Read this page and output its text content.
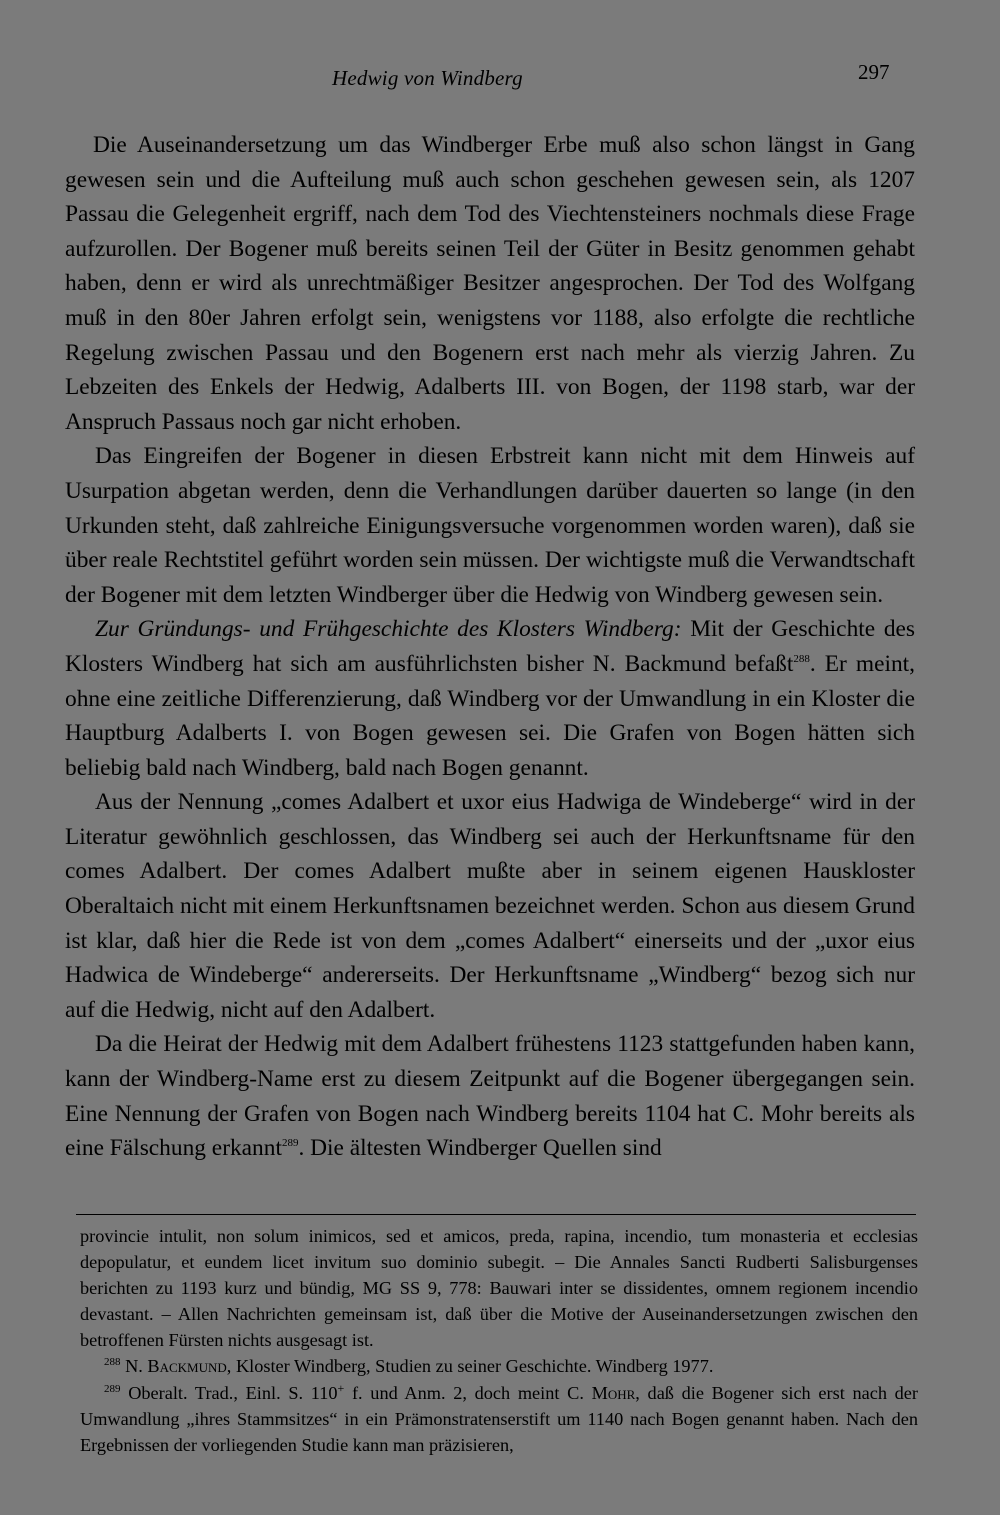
Hedwig von Windberg	297

Die Auseinandersetzung um das Windberger Erbe muß also schon längst in Gang gewesen sein und die Aufteilung muß auch schon geschehen gewesen sein, als 1207 Passau die Gelegenheit ergriff, nach dem Tod des Viechtensteiners nochmals diese Frage aufzurollen. Der Bogener muß bereits seinen Teil der Güter in Besitz genommen gehabt haben, denn er wird als unrechtmäßiger Besitzer angesprochen. Der Tod des Wolfgang muß in den 80er Jahren erfolgt sein, wenigstens vor 1188, also erfolgte die rechtliche Regelung zwischen Passau und den Bogenern erst nach mehr als vierzig Jahren. Zu Lebzeiten des Enkels der Hedwig, Adalberts III. von Bogen, der 1198 starb, war der Anspruch Passaus noch gar nicht erhoben.

Das Eingreifen der Bogener in diesen Erbstreit kann nicht mit dem Hinweis auf Usurpation abgetan werden, denn die Verhandlungen darüber dauerten so lange (in den Urkunden steht, daß zahlreiche Einigungsversuche vorgenommen worden waren), daß sie über reale Rechtstitel geführt worden sein müssen. Der wichtigste muß die Verwandtschaft der Bogener mit dem letzten Windberger über die Hedwig von Windberg gewesen sein.

Zur Gründungs- und Frühgeschichte des Klosters Windberg: Mit der Geschichte des Klosters Windberg hat sich am ausführlichsten bisher N. Backmund befaßt$^{288}$. Er meint, ohne eine zeitliche Differenzierung, daß Windberg vor der Umwandlung in ein Kloster die Hauptburg Adalberts I. von Bogen gewesen sei. Die Grafen von Bogen hätten sich beliebig bald nach Windberg, bald nach Bogen genannt.

Aus der Nennung „comes Adalbert et uxor eius Hadwiga de Windeberge“ wird in der Literatur gewöhnlich geschlossen, das Windberg sei auch der Herkunftsname für den comes Adalbert. Der comes Adalbert mußte aber in seinem eigenen Hauskloster Oberaltaich nicht mit einem Herkunftsnamen bezeichnet werden. Schon aus diesem Grund ist klar, daß hier die Rede ist von dem „comes Adalbert“ einerseits und der „uxor eius Hadwica de Windeberge“ andererseits. Der Herkunftsname „Windberg“ bezog sich nur auf die Hedwig, nicht auf den Adalbert.

Da die Heirat der Hedwig mit dem Adalbert frühestens 1123 stattgefunden haben kann, kann der Windberg-Name erst zu diesem Zeitpunkt auf die Bogener übergegangen sein. Eine Nennung der Grafen von Bogen nach Windberg bereits 1104 hat C. Mohr bereits als eine Fälschung erkannt$^{289}$. Die ältesten Windberger Quellen sind

provincie intulit, non solum inimicos, sed et amicos, preda, rapina, incendio, tum monasteria et ecclesias depopulatur, et eundem licet invitum suo dominio subegit. – Die Annales Sancti Rudberti Salisburgenses berichten zu 1193 kurz und bündig, MG SS 9, 778: Bauwari inter se dissidentes, omnem regionem incendio devastant. – Allen Nachrichten gemeinsam ist, daß über die Motive der Auseinandersetzungen zwischen den betroffenen Fürsten nichts ausgesagt ist.

$^{288}$ N. Backmund, Kloster Windberg, Studien zu seiner Geschichte. Windberg 1977.

$^{289}$ Oberalt. Trad., Einl. S. 110+ f. und Anm. 2, doch meint C. Mohr, daß die Bogener sich erst nach der Umwandlung „ihres Stammsitzes“ in ein Prämonstratenserstift um 1140 nach Bogen genannt haben. Nach den Ergebnissen der vorliegenden Studie kann man präzisieren,
